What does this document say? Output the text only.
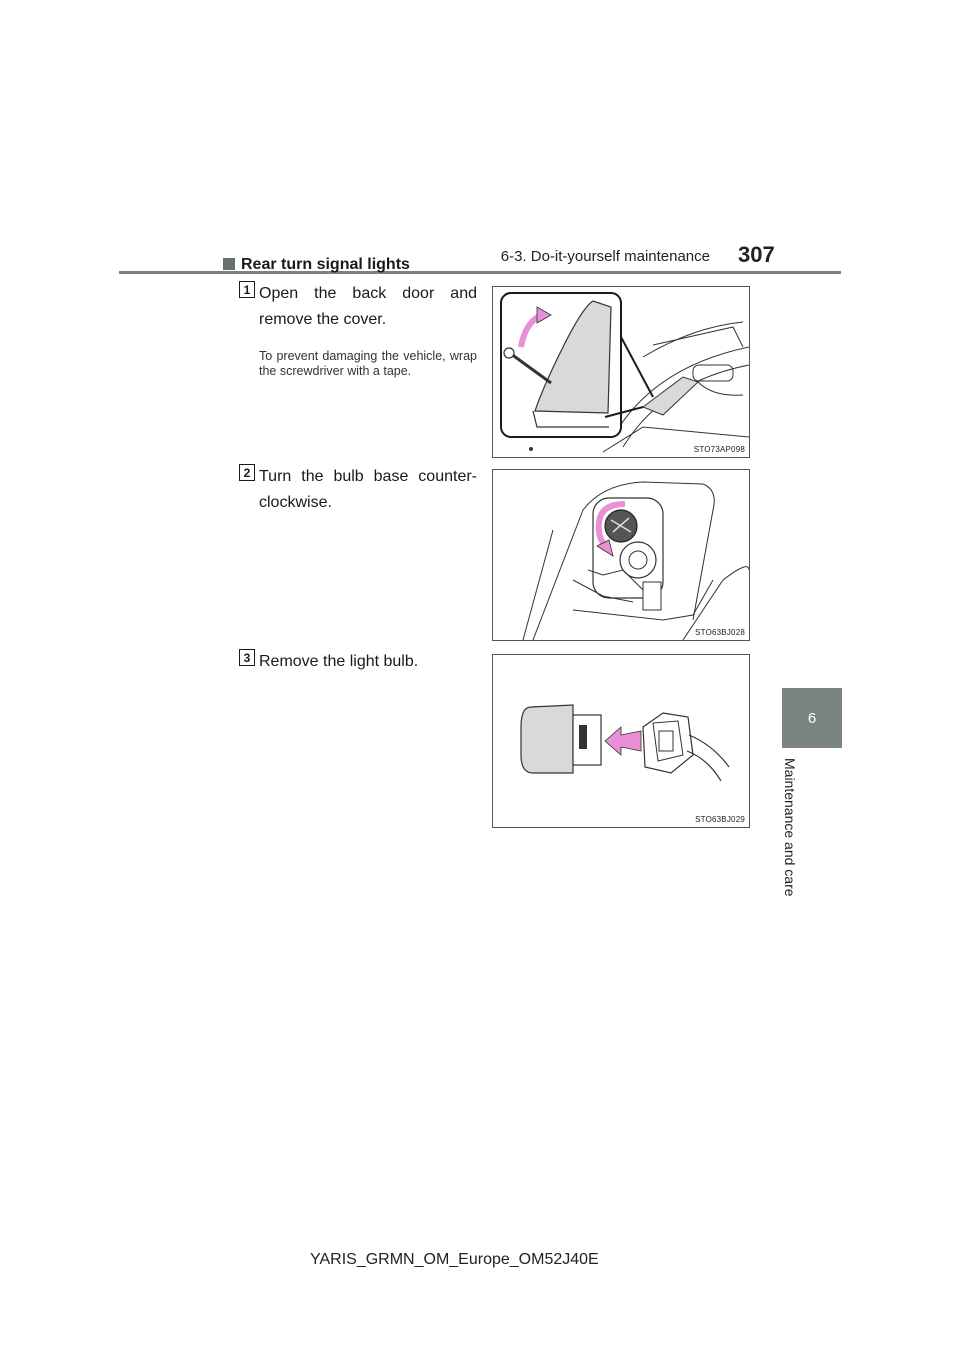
6-3. Do-it-yourself maintenance 307
6
Maintenance and care
Rear turn signal lights
1 Open the back door and remove the cover.
To prevent damaging the vehicle, wrap the screwdriver with a tape.
STO73AP098
2 Turn the bulb base counter-clockwise.
STO63BJ028
3 Remove the light bulb.
STO63BJ029
YARIS_GRMN_OM_Europe_OM52J40E
